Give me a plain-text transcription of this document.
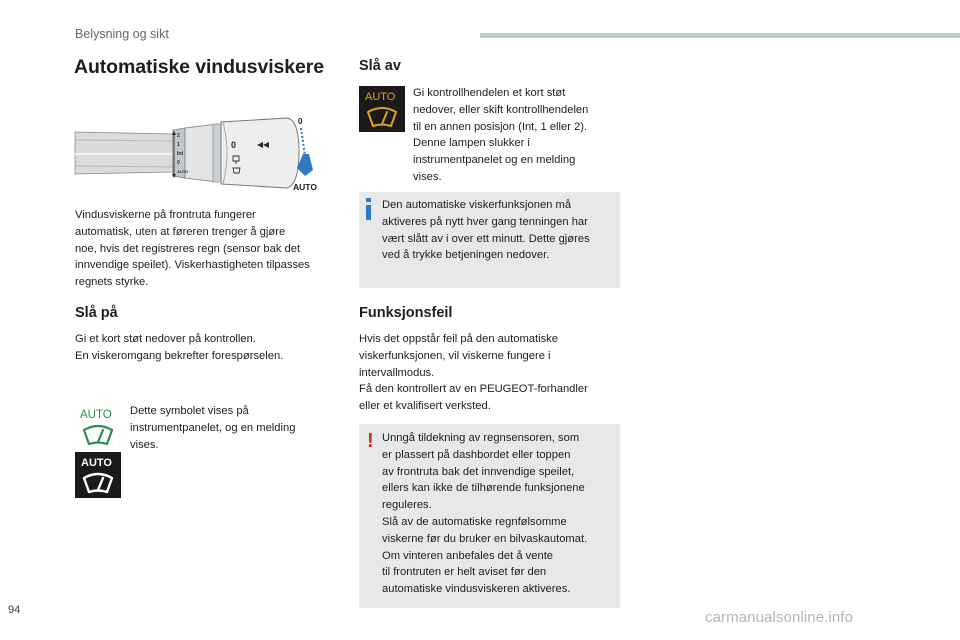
Belysning og sikt
Automatiske vindusviskere
2
1
Int
0
AUTO
0
0
AUTO
Vindusviskerne på frontruta fungerer
automatisk, uten at føreren trenger å gjøre
noe, hvis det registreres regn (sensor bak det
innvendige speilet). Viskerhastigheten tilpasses
regnets styrke.
Slå på
Gi et kort støt nedover på kontrollen.
En viskeromgang bekrefter forespørselen.
AUTO
AUTO
Dette symbolet vises på
instrumentpanelet, og en melding
vises.
Slå av
AUTO Gi kontrollhendelen et kort støt
nedover, eller skift kontrollhendelen
til en annen posisjon (Int, 1 eller 2).
Denne lampen slukker i
instrumentpanelet og en melding
vises.
Den automatiske viskerfunksjonen må
aktiveres på nytt hver gang tenningen har
vært slått av i over ett minutt. Dette gjøres
ved å trykke betjeningen nedover.
Funksjonsfeil
Hvis det oppstår feil på den automatiske
viskerfunksjonen, vil viskerne fungere i
intervallmodus.
Få den kontrollert av en PEUGEOT-forhandler
eller et kvalifisert verksted.
! Unngå tildekning av regnsensoren, som
er plassert på dashbordet eller toppen
av frontruta bak det innvendige speilet,
ellers kan ikke de tilhørende funksjonene
reguleres.
Slå av de automatiske regnfølsomme
viskerne før du bruker en bilvaskautomat.
Om vinteren anbefales det å vente
til frontruten er helt aviset før den
automatiske vindusviskeren aktiveres.
94	carmanualsonline.info
